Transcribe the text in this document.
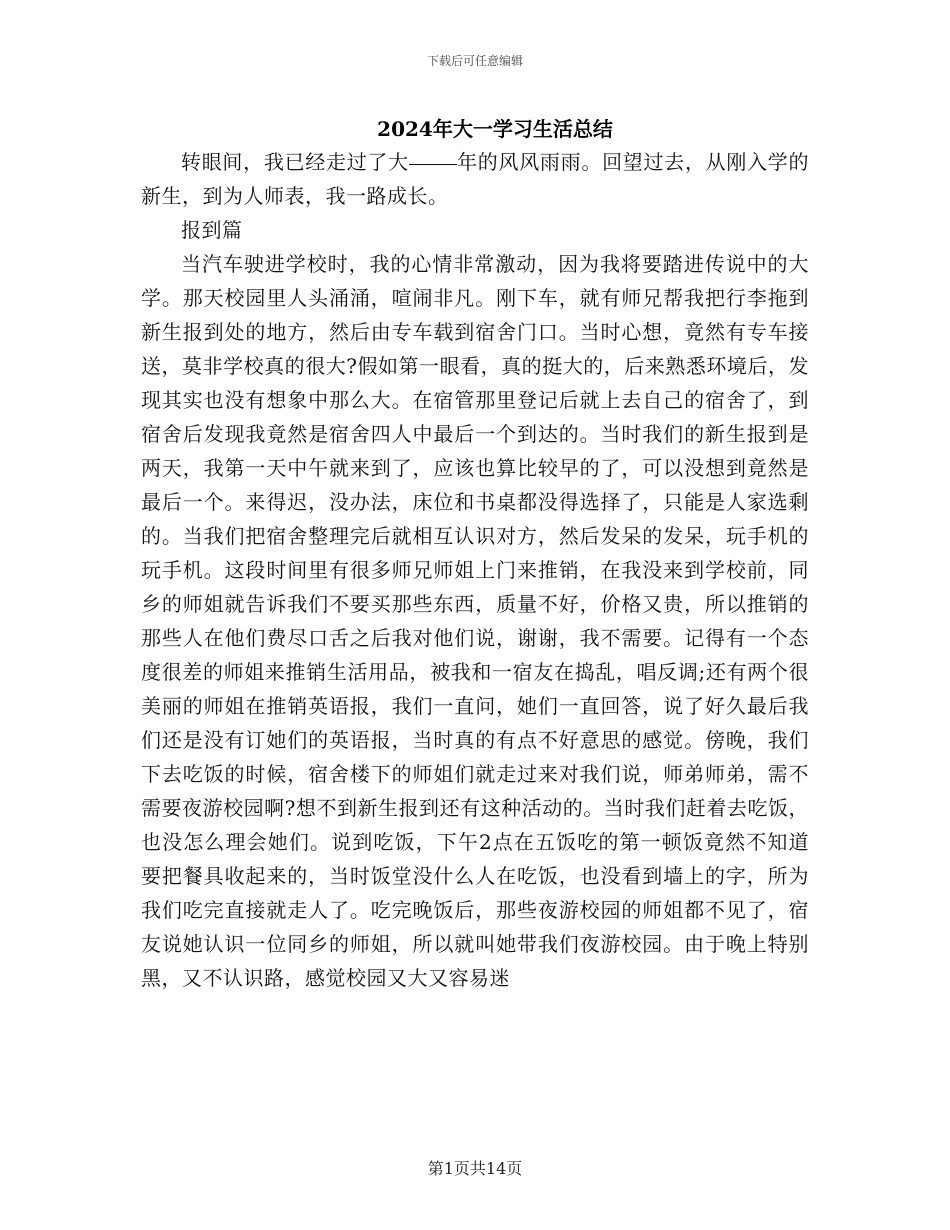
下载后可任意编辑
2024年大一学习生活总结

转眼间，我已经走过了大 年的风风雨雨。回望过去，从刚入学的新生，到为人师表，我一路成长。

报到篇

当汽车驶进学校时，我的心情非常激动，因为我将要踏进传说中的大学。那天校园里人头涌涌，喧闹非凡。刚下车，就有师兄帮我把行李拖到新生报到处的地方，然后由专车载到宿舍门口。当时心想，竟然有专车接送，莫非学校真的很大?假如第一眼看，真的挺大的，后来熟悉环境后，发现其实也没有想象中那么大。在宿管那里登记后就上去自己的宿舍了，到宿舍后发现我竟然是宿舍四人中最后一个到达的。当时我们的新生报到是两天，我第一天中午就来到了，应该也算比较早的了，可以没想到竟然是最后一个。来得迟，没办法，床位和书桌都没得选择了，只能是人家选剩的。当我们把宿舍整理完后就相互认识对方，然后发呆的发呆，玩手机的玩手机。这段时间里有很多师兄师姐上门来推销，在我没来到学校前，同乡的师姐就告诉我们不要买那些东西，质量不好，价格又贵，所以推销的那些人在他们费尽口舌之后我对他们说，谢谢，我不需要。记得有一个态度很差的师姐来推销生活用品，被我和一宿友在捣乱，唱反调;还有两个很美丽的师姐在推销英语报，我们一直问，她们一直回答，说了好久最后我们还是没有订她们的英语报，当时真的有点不好意思的感觉。傍晚，我们下去吃饭的时候，宿舍楼下的师姐们就走过来对我们说，师弟师弟，需不需要夜游校园啊?想不到新生报到还有这种活动的。当时我们赶着去吃饭，也没怎么理会她们。说到吃饭，下午2点在五饭吃的第一顿饭竟然不知道要把餐具收起来的，当时饭堂没什么人在吃饭，也没看到墙上的字，所为我们吃完直接就走人了。吃完晚饭后，那些夜游校园的师姐都不见了，宿友说她认识一位同乡的师姐，所以就叫她带我们夜游校园。由于晚上特别黑，又不认识路，感觉校园又大又容易迷

第1页共14页
